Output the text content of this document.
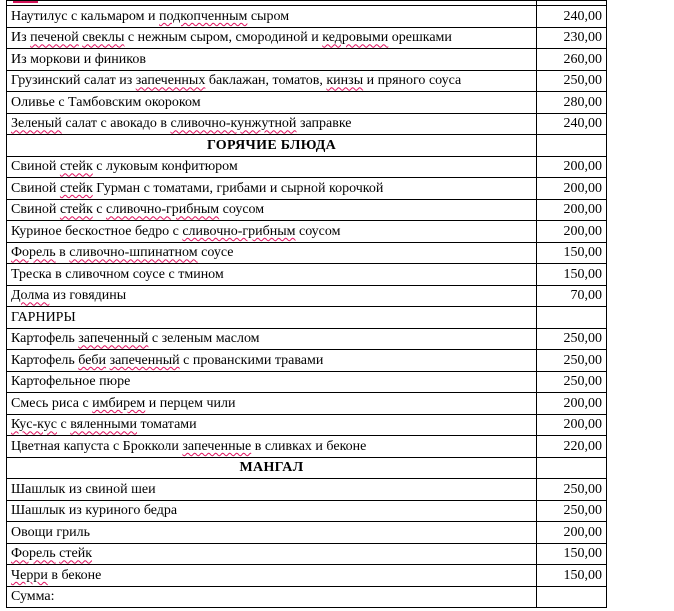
Наутилус с кальмаром и подкопченным сыром	240,00
Из печеной свеклы с нежным сыром, смородиной и кедровыми орешками	230,00
Из моркови и фиников	260,00
Грузинский салат из запеченных баклажан, томатов, кинзы и пряного соуса	250,00
Оливье с Тамбовским окороком	280,00
Зеленый салат с авокадо в сливочно-кунжутной заправке	240,00
ГОРЯЧИЕ БЛЮДА	
Свиной стейк с луковым конфитюром	200,00
Свиной стейк Гурман с томатами, грибами и сырной корочкой	200,00
Свиной стейк с сливочно-грибным соусом	200,00
Куриное бескостное бедро с сливочно-грибным соусом	200,00
Форель в сливочно-шпинатном соусе	150,00
Треска в сливочном соусе с тмином	150,00
Долма из говядины	70,00
ГАРНИРЫ	
Картофель запеченный с зеленым маслом	250,00
Картофель беби запеченный с прованскими травами	250,00
Картофельное пюре	250,00
Смесь риса с имбирем и перцем чили	200,00
Кус-кус с вяленными томатами	200,00
Цветная капуста с Брокколи запеченные в сливках и беконе	220,00
МАНГАЛ	
Шашлык из свиной шеи	250,00
Шашлык из куриного бедра	250,00
Овощи гриль	200,00
Форель стейк	150,00
Черри в беконе	150,00
Сумма:	
